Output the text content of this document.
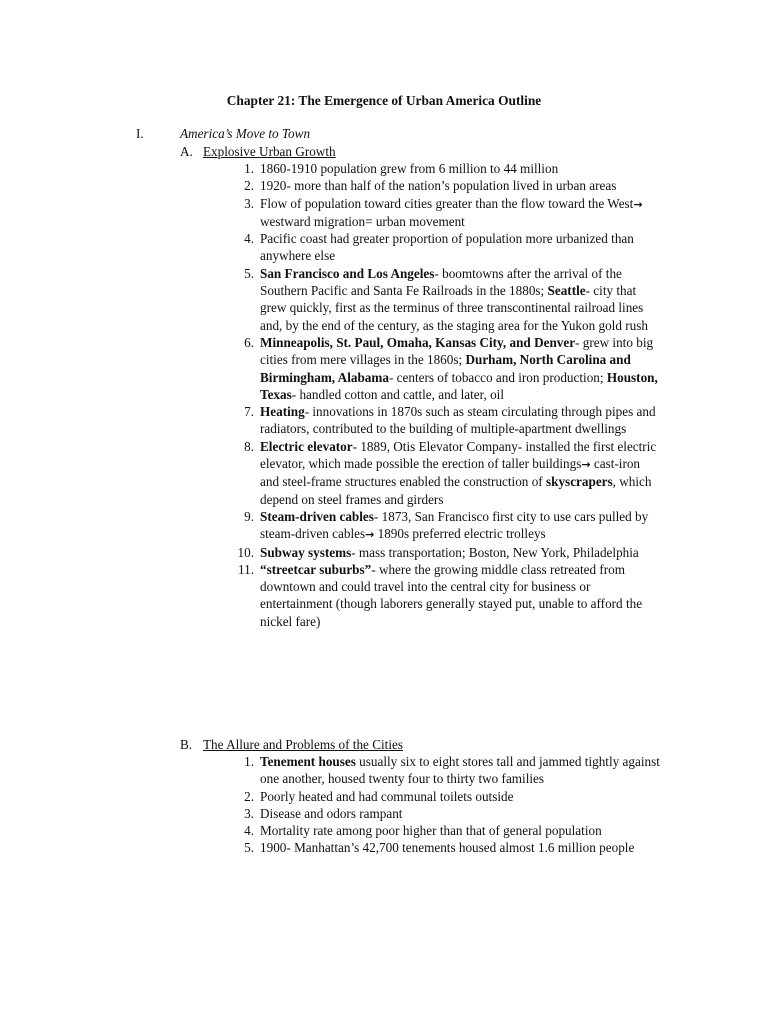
Chapter 21: The Emergence of Urban America Outline
I.	America’s Move to Town
A. Explosive Urban Growth
1. 1860-1910 population grew from 6 million to 44 million
2. 1920- more than half of the nation’s population lived in urban areas
3. Flow of population toward cities greater than the flow toward the West→ westward migration= urban movement
4. Pacific coast had greater proportion of population more urbanized than anywhere else
5. San Francisco and Los Angeles- boomtowns after the arrival of the Southern Pacific and Santa Fe Railroads in the 1880s; Seattle- city that grew quickly, first as the terminus of three transcontinental railroad lines and, by the end of the century, as the staging area for the Yukon gold rush
6. Minneapolis, St. Paul, Omaha, Kansas City, and Denver- grew into big cities from mere villages in the 1860s; Durham, North Carolina and Birmingham, Alabama- centers of tobacco and iron production; Houston, Texas- handled cotton and cattle, and later, oil
7. Heating- innovations in 1870s such as steam circulating through pipes and radiators, contributed to the building of multiple-apartment dwellings
8. Electric elevator- 1889, Otis Elevator Company- installed the first electric elevator, which made possible the erection of taller buildings→ cast-iron and steel-frame structures enabled the construction of skyscrapers, which depend on steel frames and girders
9. Steam-driven cables- 1873, San Francisco first city to use cars pulled by steam-driven cables→ 1890s preferred electric trolleys
10. Subway systems- mass transportation; Boston, New York, Philadelphia
11. “streetcar suburbs”- where the growing middle class retreated from downtown and could travel into the central city for business or entertainment (though laborers generally stayed put, unable to afford the nickel fare)
B. The Allure and Problems of the Cities
1. Tenement houses usually six to eight stores tall and jammed tightly against one another, housed twenty four to thirty two families
2. Poorly heated and had communal toilets outside
3. Disease and odors rampant
4. Mortality rate among poor higher than that of general population
5. 1900- Manhattan’s 42,700 tenements housed almost 1.6 million people
